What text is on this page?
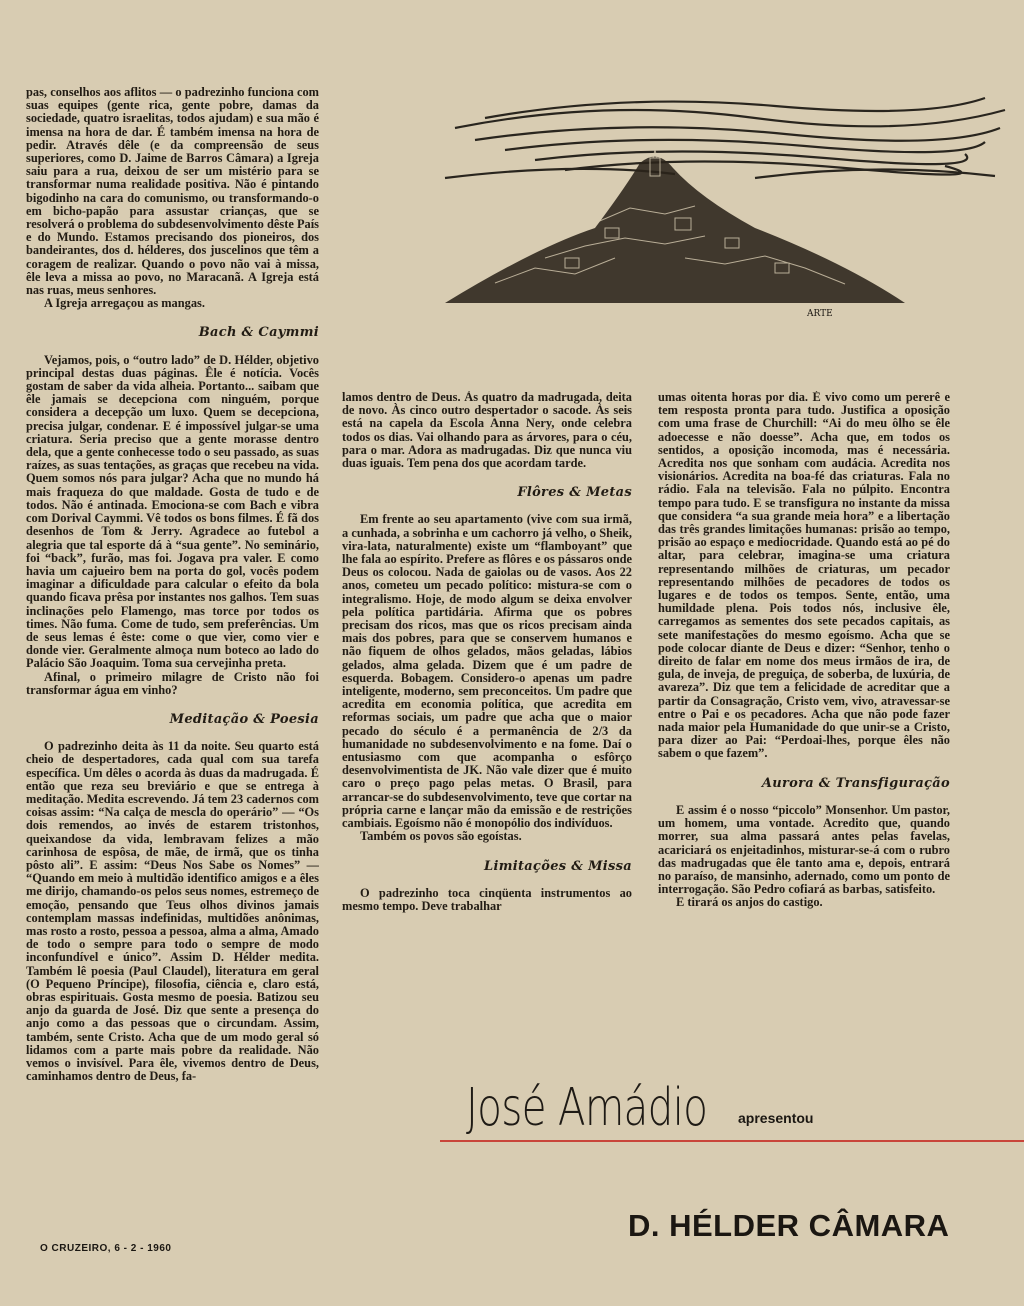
pas, conselhos aos aflitos — o padrezinho funciona com suas equipes (gente rica, gente pobre, damas da sociedade, quatro israelitas, todos ajudam) e sua mão é imensa na hora de dar. É também imensa na hora de pedir. Através dêle (e da compreensão de seus superiores, como D. Jaime de Barros Câmara) a Igreja saiu para a rua, deixou de ser um mistério para se transformar numa realidade positiva. Não é pintando bigodinho na cara do comunismo, ou transformando-o em bicho-papão para assustar crianças, que se resolverá o problema do subdesenvolvimento dêste País e do Mundo. Estamos precisando dos pioneiros, dos bandeirantes, dos d. hélderes, dos juscelinos que têm a coragem de realizar. Quando o povo não vai à missa, êle leva a missa ao povo, no Maracanã. A Igreja está nas ruas, meus senhores.

A Igreja arregaçou as mangas.

Bach & Caymmi

Vejamos, pois, o “outro lado” de D. Hélder, objetivo principal destas duas páginas. Êle é notícia. Vocês gostam de saber da vida alheia. Portanto... saibam que êle jamais se decepciona com ninguém, porque considera a decepção um luxo. Quem se decepciona, precisa julgar, condenar. E é impossível julgar-se uma criatura. Seria preciso que a gente morasse dentro dela, que a gente conhecesse todo o seu passado, as suas raízes, as suas tentações, as graças que recebeu na vida. Quem somos nós para julgar? Acha que no mundo há mais fraqueza do que maldade. Gosta de tudo e de todos. Não é antinada. Emociona-se com Bach e vibra com Dorival Caymmi. Vê todos os bons filmes. É fã dos desenhos de Tom & Jerry. Agradece ao futebol a alegria que tal esporte dá à “sua gente”. No seminário, foi “back”, furão, mas foi. Jogava pra valer. E como havia um cajueiro bem na porta do gol, vocês podem imaginar a dificuldade para calcular o efeito da bola quando ficava prêsa por instantes nos galhos. Tem suas inclinações pelo Flamengo, mas torce por todos os times. Não fuma. Come de tudo, sem preferências. Um de seus lemas é êste: come o que vier, como vier e donde vier. Geralmente almoça num boteco ao lado do Palácio São Joaquim. Toma sua cervejinha preta.

Afinal, o primeiro milagre de Cristo não foi transformar água em vinho?

Meditação & Poesia

O padrezinho deita às 11 da noite. Seu quarto está cheio de despertadores, cada qual com sua tarefa específica. Um dêles o acorda às duas da madrugada. É então que reza seu breviário e que se entrega à meditação. Medita escrevendo. Já tem 23 cadernos com coisas assim: “Na calça de mescla do operário” — “Os dois remendos, ao invés de estarem tristonhos, queixandose da vida, lembravam felizes a mão carinhosa de espôsa, de mãe, de irmã, que os tinha pôsto ali”. E assim: “Deus Nos Sabe os Nomes” — “Quando em meio à multidão identifico amigos e a êles me dirijo, chamando-os pelos seus nomes, estremeço de emoção, pensando que Teus olhos divinos jamais contemplam massas indefinidas, multidões anônimas, mas rosto a rosto, pessoa a pessoa, alma a alma, Amado de todo o sempre para todo o sempre de modo inconfundível e único”. Assim D. Hélder medita. Também lê poesia (Paul Claudel), literatura em geral (O Pequeno Príncipe), filosofia, ciência e, claro está, obras espirituais. Gosta mesmo de poesia. Batizou seu anjo da guarda de José. Diz que sente a presença do anjo como a das pessoas que o circundam. Assim, também, sente Cristo. Acha que de um modo geral só lidamos com a parte mais pobre da realidade. Não vemos o invisível. Para êle, vivemos dentro de Deus, caminhamos dentro de Deus, fa-

ARTE

lamos dentro de Deus. Às quatro da madrugada, deita de novo. Às cinco outro despertador o sacode. Às seis está na capela da Escola Anna Nery, onde celebra todos os dias. Vai olhando para as árvores, para o céu, para o mar. Adora as madrugadas. Diz que nunca viu duas iguais. Tem pena dos que acordam tarde.

Flôres & Metas

Em frente ao seu apartamento (vive com sua irmã, a cunhada, a sobrinha e um cachorro já velho, o Sheik, vira-lata, naturalmente) existe um “flamboyant” que lhe fala ao espírito. Prefere as flôres e os pássaros onde Deus os colocou. Nada de gaiolas ou de vasos. Aos 22 anos, cometeu um pecado político: mistura-se com o integralismo. Hoje, de modo algum se deixa envolver pela política partidária. Afirma que os pobres precisam dos ricos, mas que os ricos precisam ainda mais dos pobres, para que se conservem humanos e não fiquem de olhos gelados, mãos geladas, lábios gelados, alma gelada. Dizem que é um padre de esquerda. Bobagem. Considero-o apenas um padre inteligente, moderno, sem preconceitos. Um padre que acredita em economia política, que acredita em reformas sociais, um padre que acha que o maior pecado do século é a permanência de 2/3 da humanidade no subdesenvolvimento e na fome. Daí o entusiasmo com que acompanha o esfôrço desenvolvimentista de JK. Não vale dizer que é muito caro o preço pago pelas metas. O Brasil, para arrancar-se do subdesenvolvimento, teve que cortar na própria carne e lançar mão da emissão e de restrições cambiais. Egoísmo não é monopólio dos indivíduos.

Também os povos são egoístas.

Limitações & Missa

O padrezinho toca cinqüenta instrumentos ao mesmo tempo. Deve trabalhar

umas oitenta horas por dia. É vivo como um pererê e tem resposta pronta para tudo. Justifica a oposição com uma frase de Churchill: “Ai do meu ôlho se êle adoecesse e não doesse”. Acha que, em todos os sentidos, a oposição incomoda, mas é necessária. Acredita nos que sonham com audácia. Acredita nos visionários. Acredita na boa-fé das criaturas. Fala no rádio. Fala na televisão. Fala no púlpito. Encontra tempo para tudo. E se transfigura no instante da missa que considera “a sua grande meia hora” e a libertação das três grandes limitações humanas: prisão ao tempo, prisão ao espaço e mediocridade. Quando está ao pé do altar, para celebrar, imagina-se uma criatura representando milhões de criaturas, um pecador representando milhões de pecadores de todos os lugares e de todos os tempos. Sente, então, uma humildade plena. Pois todos nós, inclusive êle, carregamos as sementes dos sete pecados capitais, as sete manifestações do mesmo egoísmo. Acha que se pode colocar diante de Deus e dizer: “Senhor, tenho o direito de falar em nome dos meus irmãos de ira, de gula, de inveja, de preguiça, de soberba, de luxúria, de avareza”. Diz que tem a felicidade de acreditar que a partir da Consagração, Cristo vem, vivo, atravessar-se entre o Pai e os pecadores. Acha que não pode fazer nada maior pela Humanidade do que unir-se a Cristo, para dizer ao Pai: “Perdoai-lhes, porque êles não sabem o que fazem”.

Aurora & Transfiguração

E assim é o nosso “piccolo” Monsenhor. Um pastor, um homem, uma vontade. Acredito que, quando morrer, sua alma passará antes pelas favelas, acariciará os enjeitadinhos, misturar-se-á com o rubro das madrugadas que êle tanto ama e, depois, entrará no paraíso, de mansinho, adernado, como um ponto de interrogação. São Pedro cofiará as barbas, satisfeito.

E tirará os anjos do castigo.

José Amádio apresentou
D. HÉLDER CÂMARA
O CRUZEIRO, 6 - 2 - 1960
